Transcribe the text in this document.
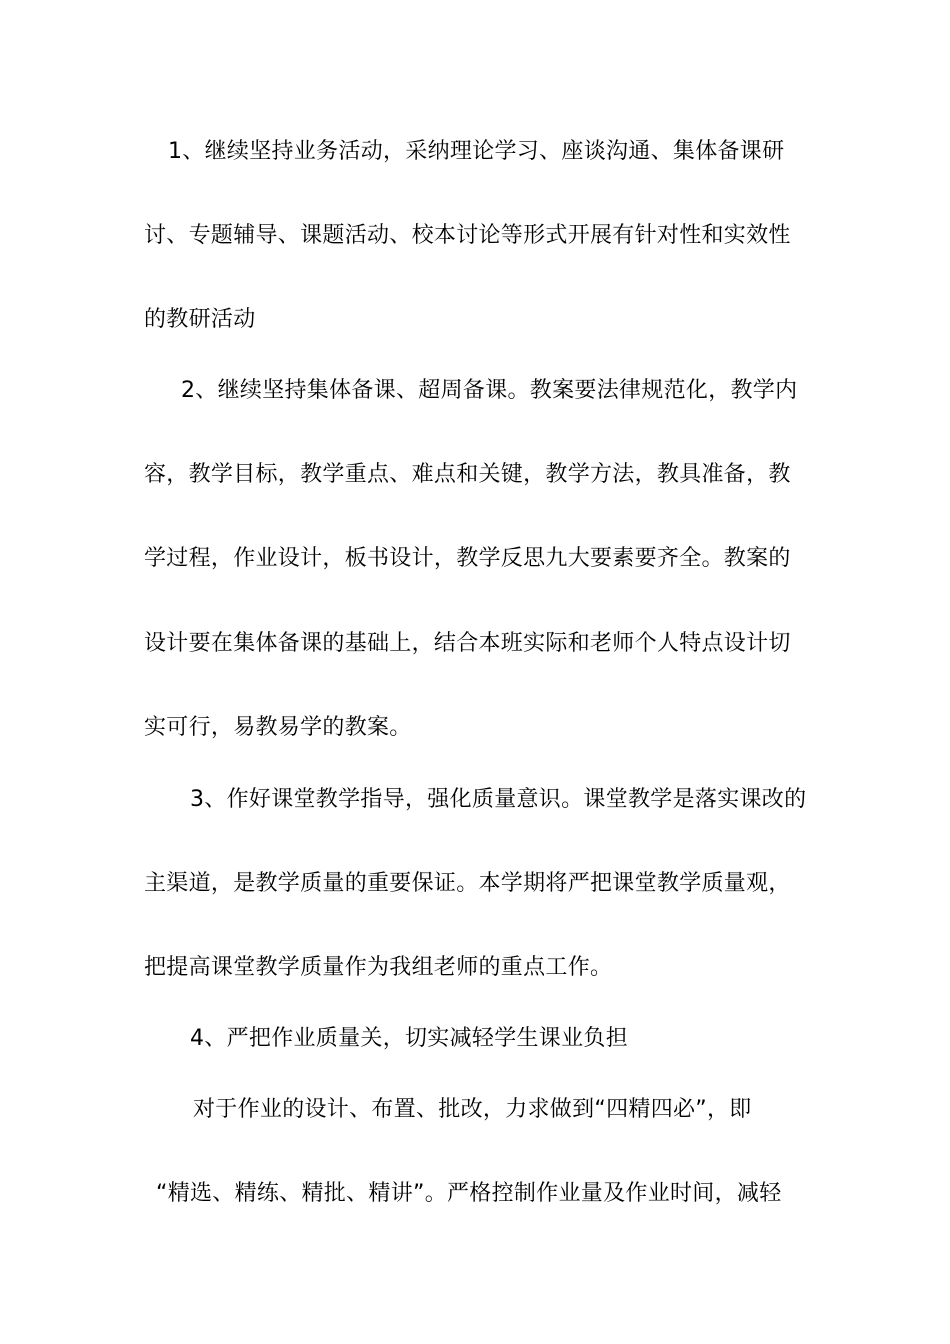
1、继续坚持业务活动，采纳理论学习、座谈沟通、集体备课研
讨、专题辅导、课题活动、校本讨论等形式开展有针对性和实效性
的教研活动
2、继续坚持集体备课、超周备课。教案要法律规范化，教学内
容，教学目标，教学重点、难点和关键，教学方法，教具准备，教
学过程，作业设计，板书设计，教学反思九大要素要齐全。教案的
设计要在集体备课的基础上，结合本班实际和老师个人特点设计切
实可行，易教易学的教案。
3、作好课堂教学指导，强化质量意识。课堂教学是落实课改的
主渠道，是教学质量的重要保证。本学期将严把课堂教学质量观，
把提高课堂教学质量作为我组老师的重点工作。
4、严把作业质量关，切实减轻学生课业负担
对于作业的设计、布置、批改，力求做到“四精四必”，即
“精选、精练、精批、精讲”。严格控制作业量及作业时间，减轻
